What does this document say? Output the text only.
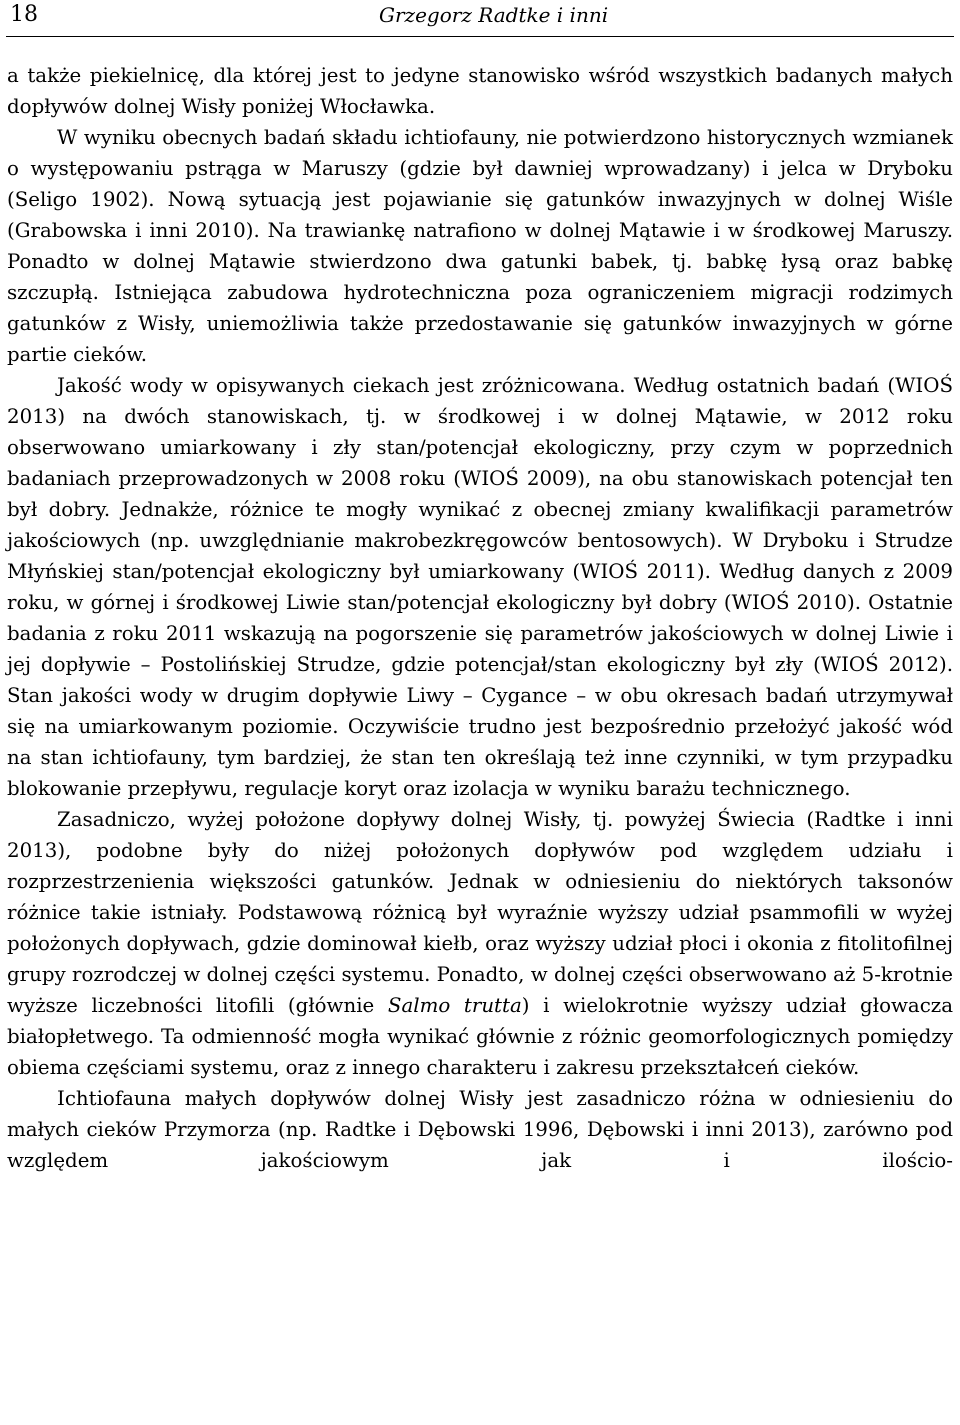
18	Grzegorz Radtke i inni

a także piekielnicę, dla której jest to jedyne stanowisko wśród wszystkich badanych małych dopływów dolnej Wisły poniżej Włocławka.

W wyniku obecnych badań składu ichtiofauny, nie potwierdzono historycznych wzmianek o występowaniu pstrąga w Maruszy (gdzie był dawniej wprowadzany) i jelca w Dryboku (Seligo 1902). Nową sytuacją jest pojawianie się gatunków inwazyjnych w dolnej Wiśle (Grabowska i inni 2010). Na trawiankę natrafiono w dolnej Mątawie i w środkowej Maruszy. Ponadto w dolnej Mątawie stwierdzono dwa gatunki babek, tj. babkę łysą oraz babkę szczupłą. Istniejąca zabudowa hydrotechniczna poza ograniczeniem migracji rodzimych gatunków z Wisły, uniemożliwia także przedostawanie się gatunków inwazyjnych w górne partie cieków.

Jakość wody w opisywanych ciekach jest zróżnicowana. Według ostatnich badań (WIOŚ 2013) na dwóch stanowiskach, tj. w środkowej i w dolnej Mątawie, w 2012 roku obserwowano umiarkowany i zły stan/potencjał ekologiczny, przy czym w poprzednich badaniach przeprowadzonych w 2008 roku (WIOŚ 2009), na obu stanowiskach potencjał ten był dobry. Jednakże, różnice te mogły wynikać z obecnej zmiany kwalifikacji parametrów jakościowych (np. uwzględnianie makrobezkręgowców bentosowych). W Dryboku i Strudze Młyńskiej stan/potencjał ekologiczny był umiarkowany (WIOŚ 2011). Według danych z 2009 roku, w górnej i środkowej Liwie stan/potencjał ekologiczny był dobry (WIOŚ 2010). Ostatnie badania z roku 2011 wskazują na pogorszenie się parametrów jakościowych w dolnej Liwie i jej dopływie – Postolińskiej Strudze, gdzie potencjał/stan ekologiczny był zły (WIOŚ 2012). Stan jakości wody w drugim dopływie Liwy – Cygance – w obu okresach badań utrzymywał się na umiarkowanym poziomie. Oczywiście trudno jest bezpośrednio przełożyć jakość wód na stan ichtiofauny, tym bardziej, że stan ten określają też inne czynniki, w tym przypadku blokowanie przepływu, regulacje koryt oraz izolacja w wyniku barażu technicznego.

Zasadniczo, wyżej położone dopływy dolnej Wisły, tj. powyżej Świecia (Radtke i inni 2013), podobne były do niżej położonych dopływów pod względem udziału i rozprzestrzenienia większości gatunków. Jednak w odniesieniu do niektórych taksonów różnice takie istniały. Podstawową różnicą był wyraźnie wyższy udział psammofili w wyżej położonych dopływach, gdzie dominował kiełb, oraz wyższy udział płoci i okonia z fitolitofilnej grupy rozrodczej w dolnej części systemu. Ponadto, w dolnej części obserwowano aż 5-krotnie wyższe liczebności litofili (głównie Salmo trutta) i wielokrotnie wyższy udział głowacza białopłetwego. Ta odmienność mogła wynikać głównie z różnic geomorfologicznych pomiędzy obiema częściami systemu, oraz z innego charakteru i zakresu przekształceń cieków.

Ichtiofauna małych dopływów dolnej Wisły jest zasadniczo różna w odniesieniu do małych cieków Przymorza (np. Radtke i Dębowski 1996, Dębowski i inni 2013), zarówno pod względem jakościowym jak i ilościo-
